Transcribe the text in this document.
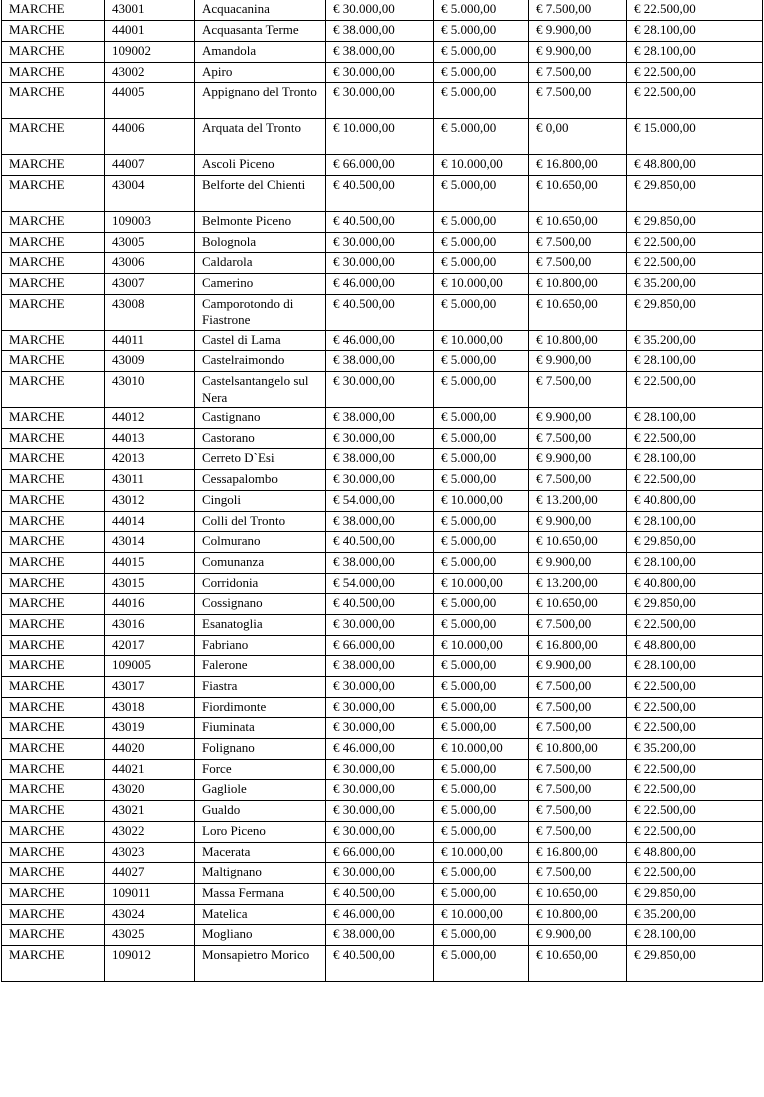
MARCHE	43001	Acquacanina	€ 30.000,00	€ 5.000,00	€ 7.500,00	€ 22.500,00
MARCHE	44001	Acquasanta Terme	€ 38.000,00	€ 5.000,00	€ 9.900,00	€ 28.100,00
MARCHE	109002	Amandola	€ 38.000,00	€ 5.000,00	€ 9.900,00	€ 28.100,00
MARCHE	43002	Apiro	€ 30.000,00	€ 5.000,00	€ 7.500,00	€ 22.500,00
MARCHE	44005	Appignano del Tronto	€ 30.000,00	€ 5.000,00	€ 7.500,00	€ 22.500,00
MARCHE	44006	Arquata del Tronto	€ 10.000,00	€ 5.000,00	€ 0,00	€ 15.000,00
MARCHE	44007	Ascoli Piceno	€ 66.000,00	€ 10.000,00	€ 16.800,00	€ 48.800,00
MARCHE	43004	Belforte del Chienti	€ 40.500,00	€ 5.000,00	€ 10.650,00	€ 29.850,00
MARCHE	109003	Belmonte Piceno	€ 40.500,00	€ 5.000,00	€ 10.650,00	€ 29.850,00
MARCHE	43005	Bolognola	€ 30.000,00	€ 5.000,00	€ 7.500,00	€ 22.500,00
MARCHE	43006	Caldarola	€ 30.000,00	€ 5.000,00	€ 7.500,00	€ 22.500,00
MARCHE	43007	Camerino	€ 46.000,00	€ 10.000,00	€ 10.800,00	€ 35.200,00
MARCHE	43008	Camporotondo di Fiastrone	€ 40.500,00	€ 5.000,00	€ 10.650,00	€ 29.850,00
MARCHE	44011	Castel di Lama	€ 46.000,00	€ 10.000,00	€ 10.800,00	€ 35.200,00
MARCHE	43009	Castelraimondo	€ 38.000,00	€ 5.000,00	€ 9.900,00	€ 28.100,00
MARCHE	43010	Castelsantangelo sul Nera	€ 30.000,00	€ 5.000,00	€ 7.500,00	€ 22.500,00
MARCHE	44012	Castignano	€ 38.000,00	€ 5.000,00	€ 9.900,00	€ 28.100,00
MARCHE	44013	Castorano	€ 30.000,00	€ 5.000,00	€ 7.500,00	€ 22.500,00
MARCHE	42013	Cerreto D`Esi	€ 38.000,00	€ 5.000,00	€ 9.900,00	€ 28.100,00
MARCHE	43011	Cessapalombo	€ 30.000,00	€ 5.000,00	€ 7.500,00	€ 22.500,00
MARCHE	43012	Cingoli	€ 54.000,00	€ 10.000,00	€ 13.200,00	€ 40.800,00
MARCHE	44014	Colli del Tronto	€ 38.000,00	€ 5.000,00	€ 9.900,00	€ 28.100,00
MARCHE	43014	Colmurano	€ 40.500,00	€ 5.000,00	€ 10.650,00	€ 29.850,00
MARCHE	44015	Comunanza	€ 38.000,00	€ 5.000,00	€ 9.900,00	€ 28.100,00
MARCHE	43015	Corridonia	€ 54.000,00	€ 10.000,00	€ 13.200,00	€ 40.800,00
MARCHE	44016	Cossignano	€ 40.500,00	€ 5.000,00	€ 10.650,00	€ 29.850,00
MARCHE	43016	Esanatoglia	€ 30.000,00	€ 5.000,00	€ 7.500,00	€ 22.500,00
MARCHE	42017	Fabriano	€ 66.000,00	€ 10.000,00	€ 16.800,00	€ 48.800,00
MARCHE	109005	Falerone	€ 38.000,00	€ 5.000,00	€ 9.900,00	€ 28.100,00
MARCHE	43017	Fiastra	€ 30.000,00	€ 5.000,00	€ 7.500,00	€ 22.500,00
MARCHE	43018	Fiordimonte	€ 30.000,00	€ 5.000,00	€ 7.500,00	€ 22.500,00
MARCHE	43019	Fiuminata	€ 30.000,00	€ 5.000,00	€ 7.500,00	€ 22.500,00
MARCHE	44020	Folignano	€ 46.000,00	€ 10.000,00	€ 10.800,00	€ 35.200,00
MARCHE	44021	Force	€ 30.000,00	€ 5.000,00	€ 7.500,00	€ 22.500,00
MARCHE	43020	Gagliole	€ 30.000,00	€ 5.000,00	€ 7.500,00	€ 22.500,00
MARCHE	43021	Gualdo	€ 30.000,00	€ 5.000,00	€ 7.500,00	€ 22.500,00
MARCHE	43022	Loro Piceno	€ 30.000,00	€ 5.000,00	€ 7.500,00	€ 22.500,00
MARCHE	43023	Macerata	€ 66.000,00	€ 10.000,00	€ 16.800,00	€ 48.800,00
MARCHE	44027	Maltignano	€ 30.000,00	€ 5.000,00	€ 7.500,00	€ 22.500,00
MARCHE	109011	Massa Fermana	€ 40.500,00	€ 5.000,00	€ 10.650,00	€ 29.850,00
MARCHE	43024	Matelica	€ 46.000,00	€ 10.000,00	€ 10.800,00	€ 35.200,00
MARCHE	43025	Mogliano	€ 38.000,00	€ 5.000,00	€ 9.900,00	€ 28.100,00
MARCHE	109012	Monsapietro Morico	€ 40.500,00	€ 5.000,00	€ 10.650,00	€ 29.850,00
